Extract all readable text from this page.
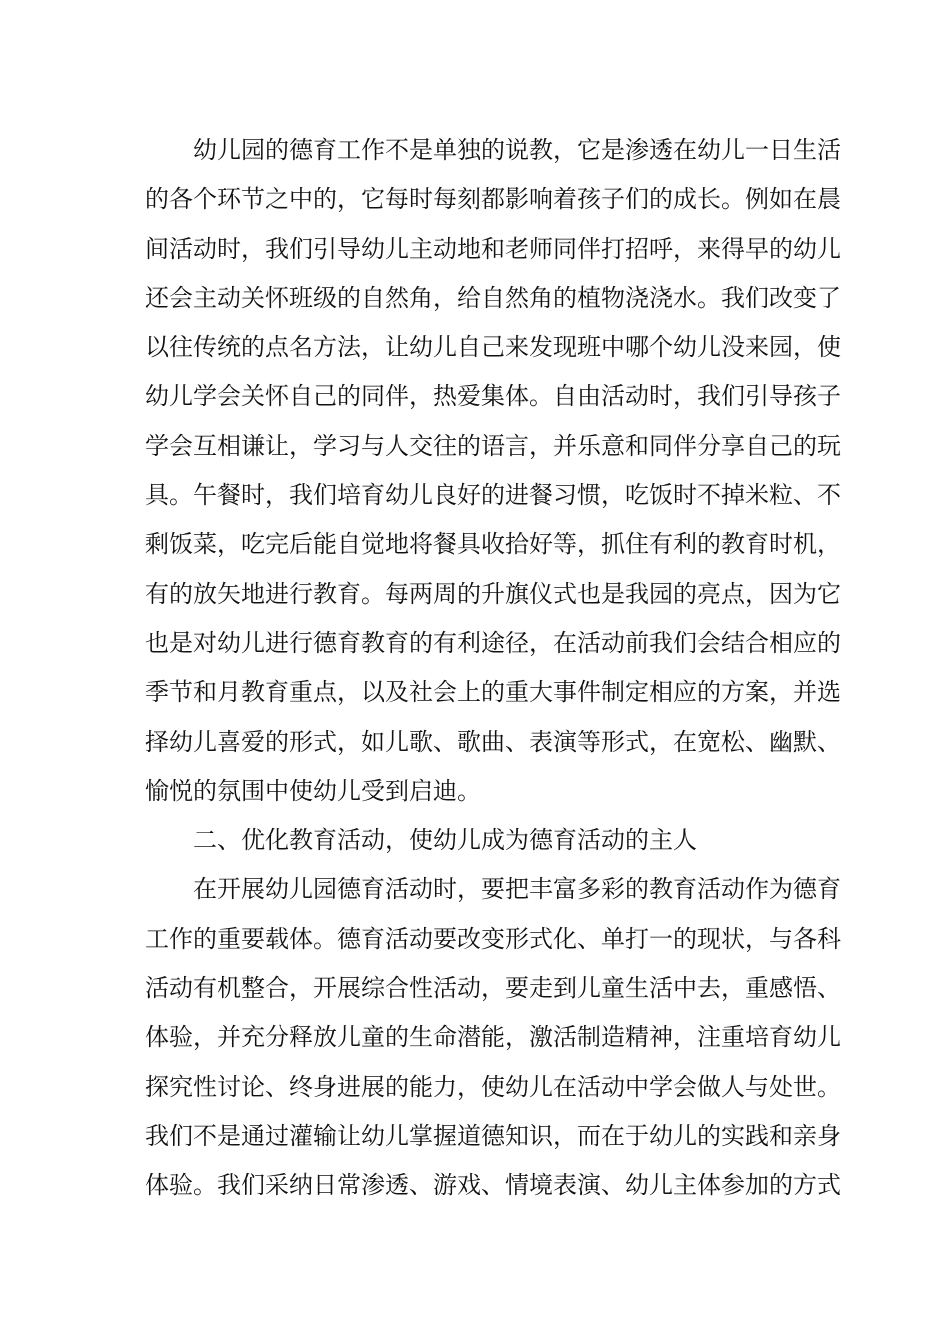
幼儿园的德育工作不是单独的说教，它是渗透在幼儿一日生活
的各个环节之中的，它每时每刻都影响着孩子们的成长。例如在晨
间活动时，我们引导幼儿主动地和老师同伴打招呼，来得早的幼儿
还会主动关怀班级的自然角，给自然角的植物浇浇水。我们改变了
以往传统的点名方法，让幼儿自己来发现班中哪个幼儿没来园，使
幼儿学会关怀自己的同伴，热爱集体。自由活动时，我们引导孩子
学会互相谦让，学习与人交往的语言，并乐意和同伴分享自己的玩
具。午餐时，我们培育幼儿良好的进餐习惯，吃饭时不掉米粒、不
剩饭菜，吃完后能自觉地将餐具收拾好等，抓住有利的教育时机，
有的放矢地进行教育。每两周的升旗仪式也是我园的亮点，因为它
也是对幼儿进行德育教育的有利途径，在活动前我们会结合相应的
季节和月教育重点，以及社会上的重大事件制定相应的方案，并选
择幼儿喜爱的形式，如儿歌、歌曲、表演等形式，在宽松、幽默、
愉悦的氛围中使幼儿受到启迪。
二、优化教育活动，使幼儿成为德育活动的主人
在开展幼儿园德育活动时，要把丰富多彩的教育活动作为德育
工作的重要载体。德育活动要改变形式化、单打一的现状，与各科
活动有机整合，开展综合性活动，要走到儿童生活中去，重感悟、
体验，并充分释放儿童的生命潜能，激活制造精神，注重培育幼儿
探究性讨论、终身进展的能力，使幼儿在活动中学会做人与处世。
我们不是通过灌输让幼儿掌握道德知识，而在于幼儿的实践和亲身
体验。我们采纳日常渗透、游戏、情境表演、幼儿主体参加的方式
